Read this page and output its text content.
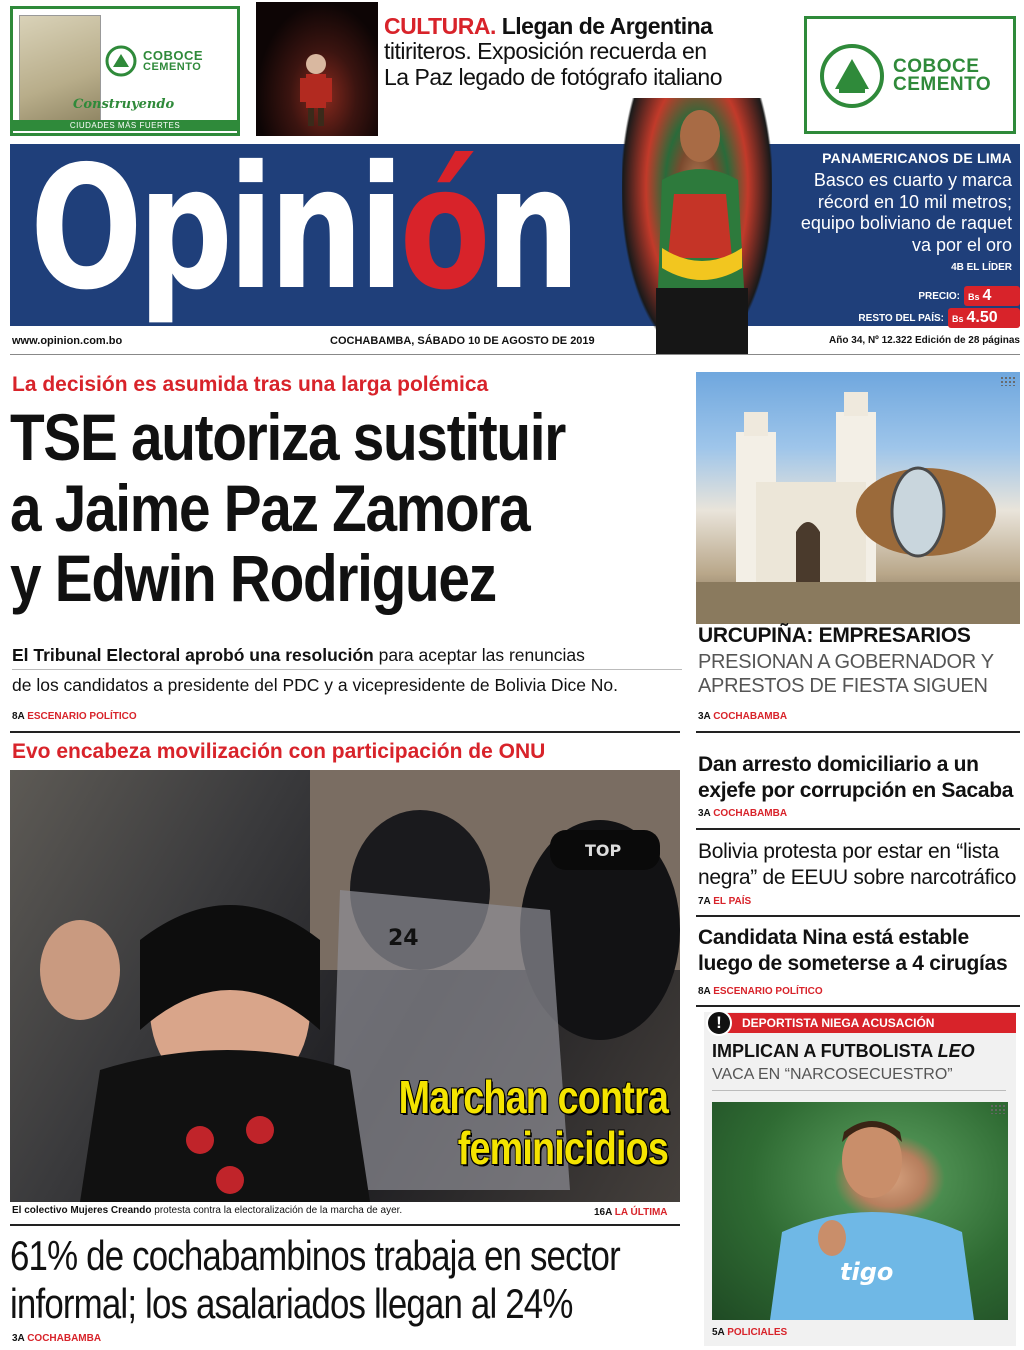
COBOCE
CEMENTO
Construyendo
CIUDADES MÁS FUERTES
CULTURA. Llegan de Argentina
titiriteros. Exposición recuerda en
La Paz legado de fotógrafo italiano	COBOCE
CEMENTO
Opinión	PANAMERICANOS DE LIMA
Basco es cuarto y marca
récord en 10 mil metros;
equipo boliviano de raquet
va por el oro
4B EL LÍDER
PRECIO: Bs 4
RESTO DEL PAÍS: Bs 4.50
www.opinion.com.bo	COCHABAMBA, SÁBADO 10 DE AGOSTO DE 2019	Año 34, Nº 12.322 Edición de 28 páginas
La decisión es asumida tras una larga polémica
TSE autoriza sustituir
a Jaime Paz Zamora
y Edwin Rodriguez
El Tribunal Electoral aprobó una resolución para aceptar las renuncias
de los candidatos a presidente del PDC y a vicepresidente de Bolivia Dice No.
8A ESCENARIO POLÍTICO
URCUPIÑA: EMPRESARIOS
PRESIONAN A GOBERNADOR Y
APRESTOS DE FIESTA SIGUEN
3A COCHABAMBA
Evo encabeza movilización con participación de ONU
TOP
24
Marchan contra
feminicidios
El colectivo Mujeres Creando protesta contra la electoralización de la marcha de ayer.	16A LA ÚLTIMA
61% de cochabambinos trabaja en sector
informal; los asalariados llegan al 24%
3A COCHABAMBA
Dan arresto domiciliario a un
exjefe por corrupción en Sacaba
3A COCHABAMBA
Bolivia protesta por estar en “lista
negra” de EEUU sobre narcotráfico
7A EL PAÍS
Candidata Nina está estable
luego de someterse a 4 cirugías
8A ESCENARIO POLÍTICO
DEPORTISTA NIEGA ACUSACIÓN
!
IMPLICAN A FUTBOLISTA LEO
VACA EN “NARCOSECUESTRO”
tigo
5A POLICIALES
